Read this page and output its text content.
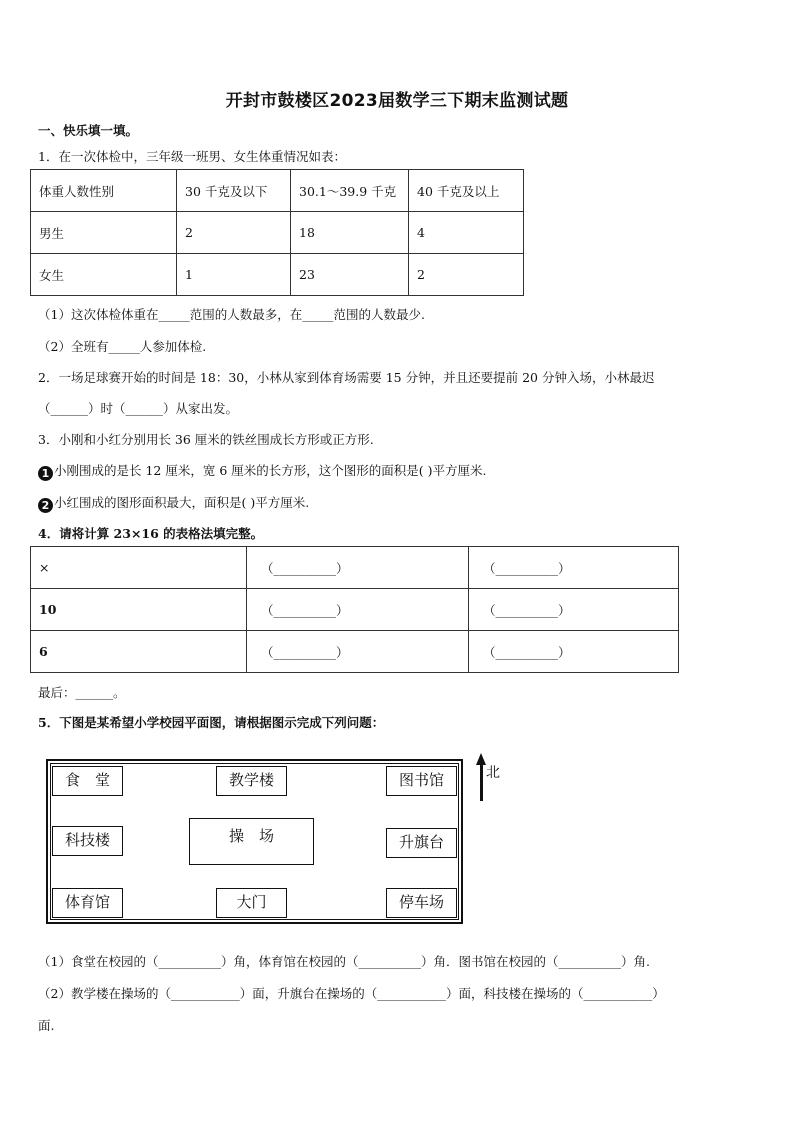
开封市鼓楼区2023届数学三下期末监测试题
一、快乐填一填。
1．在一次体检中，三年级一班男、女生体重情况如表：
体重人数性别	30 千克及以下	30.1～39.9 千克	40 千克及以上
男生	2	18	4
女生	1	23	2
（1）这次体检体重在_____范围的人数最多，在_____范围的人数最少.
（2）全班有_____人参加体检.
2．一场足球赛开始的时间是 18：30，小林从家到体育场需要 15 分钟，并且还要提前 20 分钟入场，小林最迟
（______）时（______）从家出发。
3．小刚和小红分别用长 36 厘米的铁丝围成长方形或正方形.
1 小刚围成的是长 12 厘米，宽 6 厘米的长方形，这个图形的面积是( )平方厘米.
2 小红围成的图形面积最大，面积是( )平方厘米.
4．请将计算 23×16 的表格法填完整。
×	（__________）	（__________）
10	（__________）	（__________）
6	（__________）	（__________）
最后：______。
5．下图是某希望小学校园平面图，请根据图示完成下列问题：
食　堂	教学楼	图书馆
科技楼	操　场	升旗台
体育馆	大门	停车场
北
（1）食堂在校园的（__________）角，体育馆在校园的（__________）角．图书馆在校园的（__________）角.
（2）教学楼在操场的（___________）面，升旗台在操场的（___________）面，科技楼在操场的（___________）
面.
